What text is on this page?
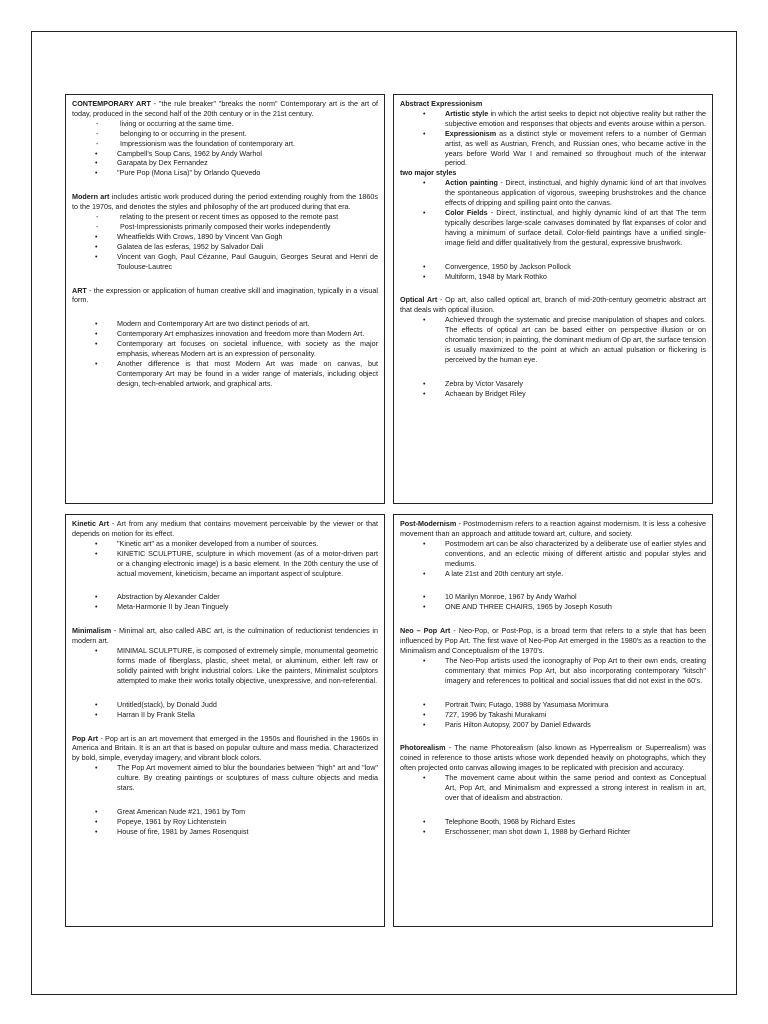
CONTEMPORARY ART - "the rule breaker" "breaks the norm" Contemporary art is the art of today, produced in the second half of the 20th century or in the 21st century.

- living or occurring at the same time.
- belonging to or occurring in the present.
- Impressionism was the foundation of contemporary art.
• Campbell's Soup Cans, 1962 by Andy Warhol
• Garapata by Dex Fernandez
• "Pure Pop (Mona Lisa)" by Orlando Quevedo

Modern art includes artistic work produced during the period extending roughly from the 1860s to the 1970s, and denotes the styles and philosophy of the art produced during that era.

- relating to the present or recent times as opposed to the remote past
- Post-Impressionists primarily composed their works independently
• Wheatfields With Crows, 1890 by Vincent Van Gogh
• Galatea de las esferas, 1952 by Salvador Dali
• Vincent van Gogh, Paul Cézanne, Paul Gauguin, Georges Seurat and Henri de Toulouse-Lautrec

ART - the expression or application of human creative skill and imagination, typically in a visual form.

• Modern and Contemporary Art are two distinct periods of art.
• Contemporary Art emphasizes innovation and freedom more than Modern Art.
• Contemporary art focuses on societal influence, with society as the major emphasis, whereas Modern art is an expression of personality.
• Another difference is that most Modern Art was made on canvas, but Contemporary Art may be found in a wider range of materials, including object design, tech-enabled artwork, and graphical arts.

Abstract Expressionism

• Artistic style in which the artist seeks to depict not objective reality but rather the subjective emotion and responses that objects and events arouse within a person.
• Expressionism as a distinct style or movement refers to a number of German artist, as well as Austrian, French, and Russian ones, who became active in the years before World War I and remained so throughout much of the interwar period.

two major styles

• Action painting - Direct, instinctual, and highly dynamic kind of art that involves the spontaneous application of vigorous, sweeping brushstrokes and the chance effects of dripping and spilling paint onto the canvas.
• Color Fields - Direct, instinctual, and highly dynamic kind of art that The term typically describes large-scale canvases dominated by flat expanses of color and having a minimum of surface detail. Color-field paintings have a unified single-image field and differ qualitatively from the gestural, expressive brushwork.
• Convergence, 1950 by Jackson Pollock
• Multiform, 1948 by Mark Rothko

Optical Art - Op art, also called optical art, branch of mid-20th-century geometric abstract art that deals with optical illusion.

• Achieved through the systematic and precise manipulation of shapes and colors. The effects of optical art can be based either on perspective illusion or on chromatic tension; in painting, the dominant medium of Op art, the surface tension is usually maximized to the point at which an actual pulsation or flickering is perceived by the human eye.
• Zebra by Victor Vasarely
• Achaean by Bridget Riley

Kinetic Art - Art from any medium that contains movement perceivable by the viewer or that depends on motion for its effect.

• "Kinetic art" as a moniker developed from a number of sources.
• KINETIC SCULPTURE, sculpture in which movement (as of a motor-driven part or a changing electronic image) is a basic element. In the 20th century the use of actual movement, kineticism, became an important aspect of sculpture.
• Abstraction by Alexander Calder
• Meta-Harmonie II by Jean Tinguely

Minimalism - Minimal art, also called ABC art, is the culmination of reductionist tendencies in modern art.

• MINIMAL SCULPTURE, is composed of extremely simple, monumental geometric forms made of fiberglass, plastic, sheet metal, or aluminum, either left raw or solidly painted with bright industrial colors. Like the painters, Minimalist sculptors attempted to make their works totally objective, unexpressive, and non-referential.
• Untitled(stack), by Donald Judd
• Harran II by Frank Stella

Pop Art - Pop art is an art movement that emerged in the 1950s and flourished in the 1960s in America and Britain. It is an art that is based on popular culture and mass media. Characterized by bold, simple, everyday imagery, and vibrant block colors.

• The Pop Art movement aimed to blur the boundaries between "high" art and "low" culture. By creating paintings or sculptures of mass culture objects and media stars.
• Great American Nude #21, 1961 by Tom
• Popeye, 1961 by Roy Lichtenstein
• House of fire, 1981 by James Rosenquist

Post-Modernism - Postmodernism refers to a reaction against modernism. It is less a cohesive movement than an approach and attitude toward art, culture, and society.

• Postmodern art can be also characterized by a deliberate use of earlier styles and conventions, and an eclectic mixing of different artistic and popular styles and mediums.
• A late 21st and 20th century art style.
• 10 Marilyn Monroe, 1967 by Andy Warhol
• ONE AND THREE CHAIRS, 1965 by Joseph Kosuth

Neo – Pop Art - Neo-Pop, or Post-Pop, is a broad term that refers to a style that has been influenced by Pop Art. The first wave of Neo-Pop Art emerged in the 1980's as a reaction to the Minimalism and Conceptualism of the 1970's.

• The Neo-Pop artists used the iconography of Pop Art to their own ends, creating commentary that mimics Pop Art, but also incorporating contemporary "kitsch" imagery and references to political and social issues that did not exist in the 60's.
• Portrait Twin; Futago, 1988 by Yasumasa Morimura
• 727, 1996 by Takashi Murakami
• Paris Hilton Autopsy, 2007 by Daniel Edwards

Photorealism - The name Photorealism (also known as Hyperrealism or Superrealism) was coined in reference to those artists whose work depended heavily on photographs, which they often projected onto canvas allowing images to be replicated with precision and accuracy.

• The movement came about within the same period and context as Conceptual Art, Pop Art, and Minimalism and expressed a strong interest in realism in art, over that of idealism and abstraction.
• Telephone Booth, 1968 by Richard Estes
• Erschossener; man shot down 1, 1988 by Gerhard Richter
